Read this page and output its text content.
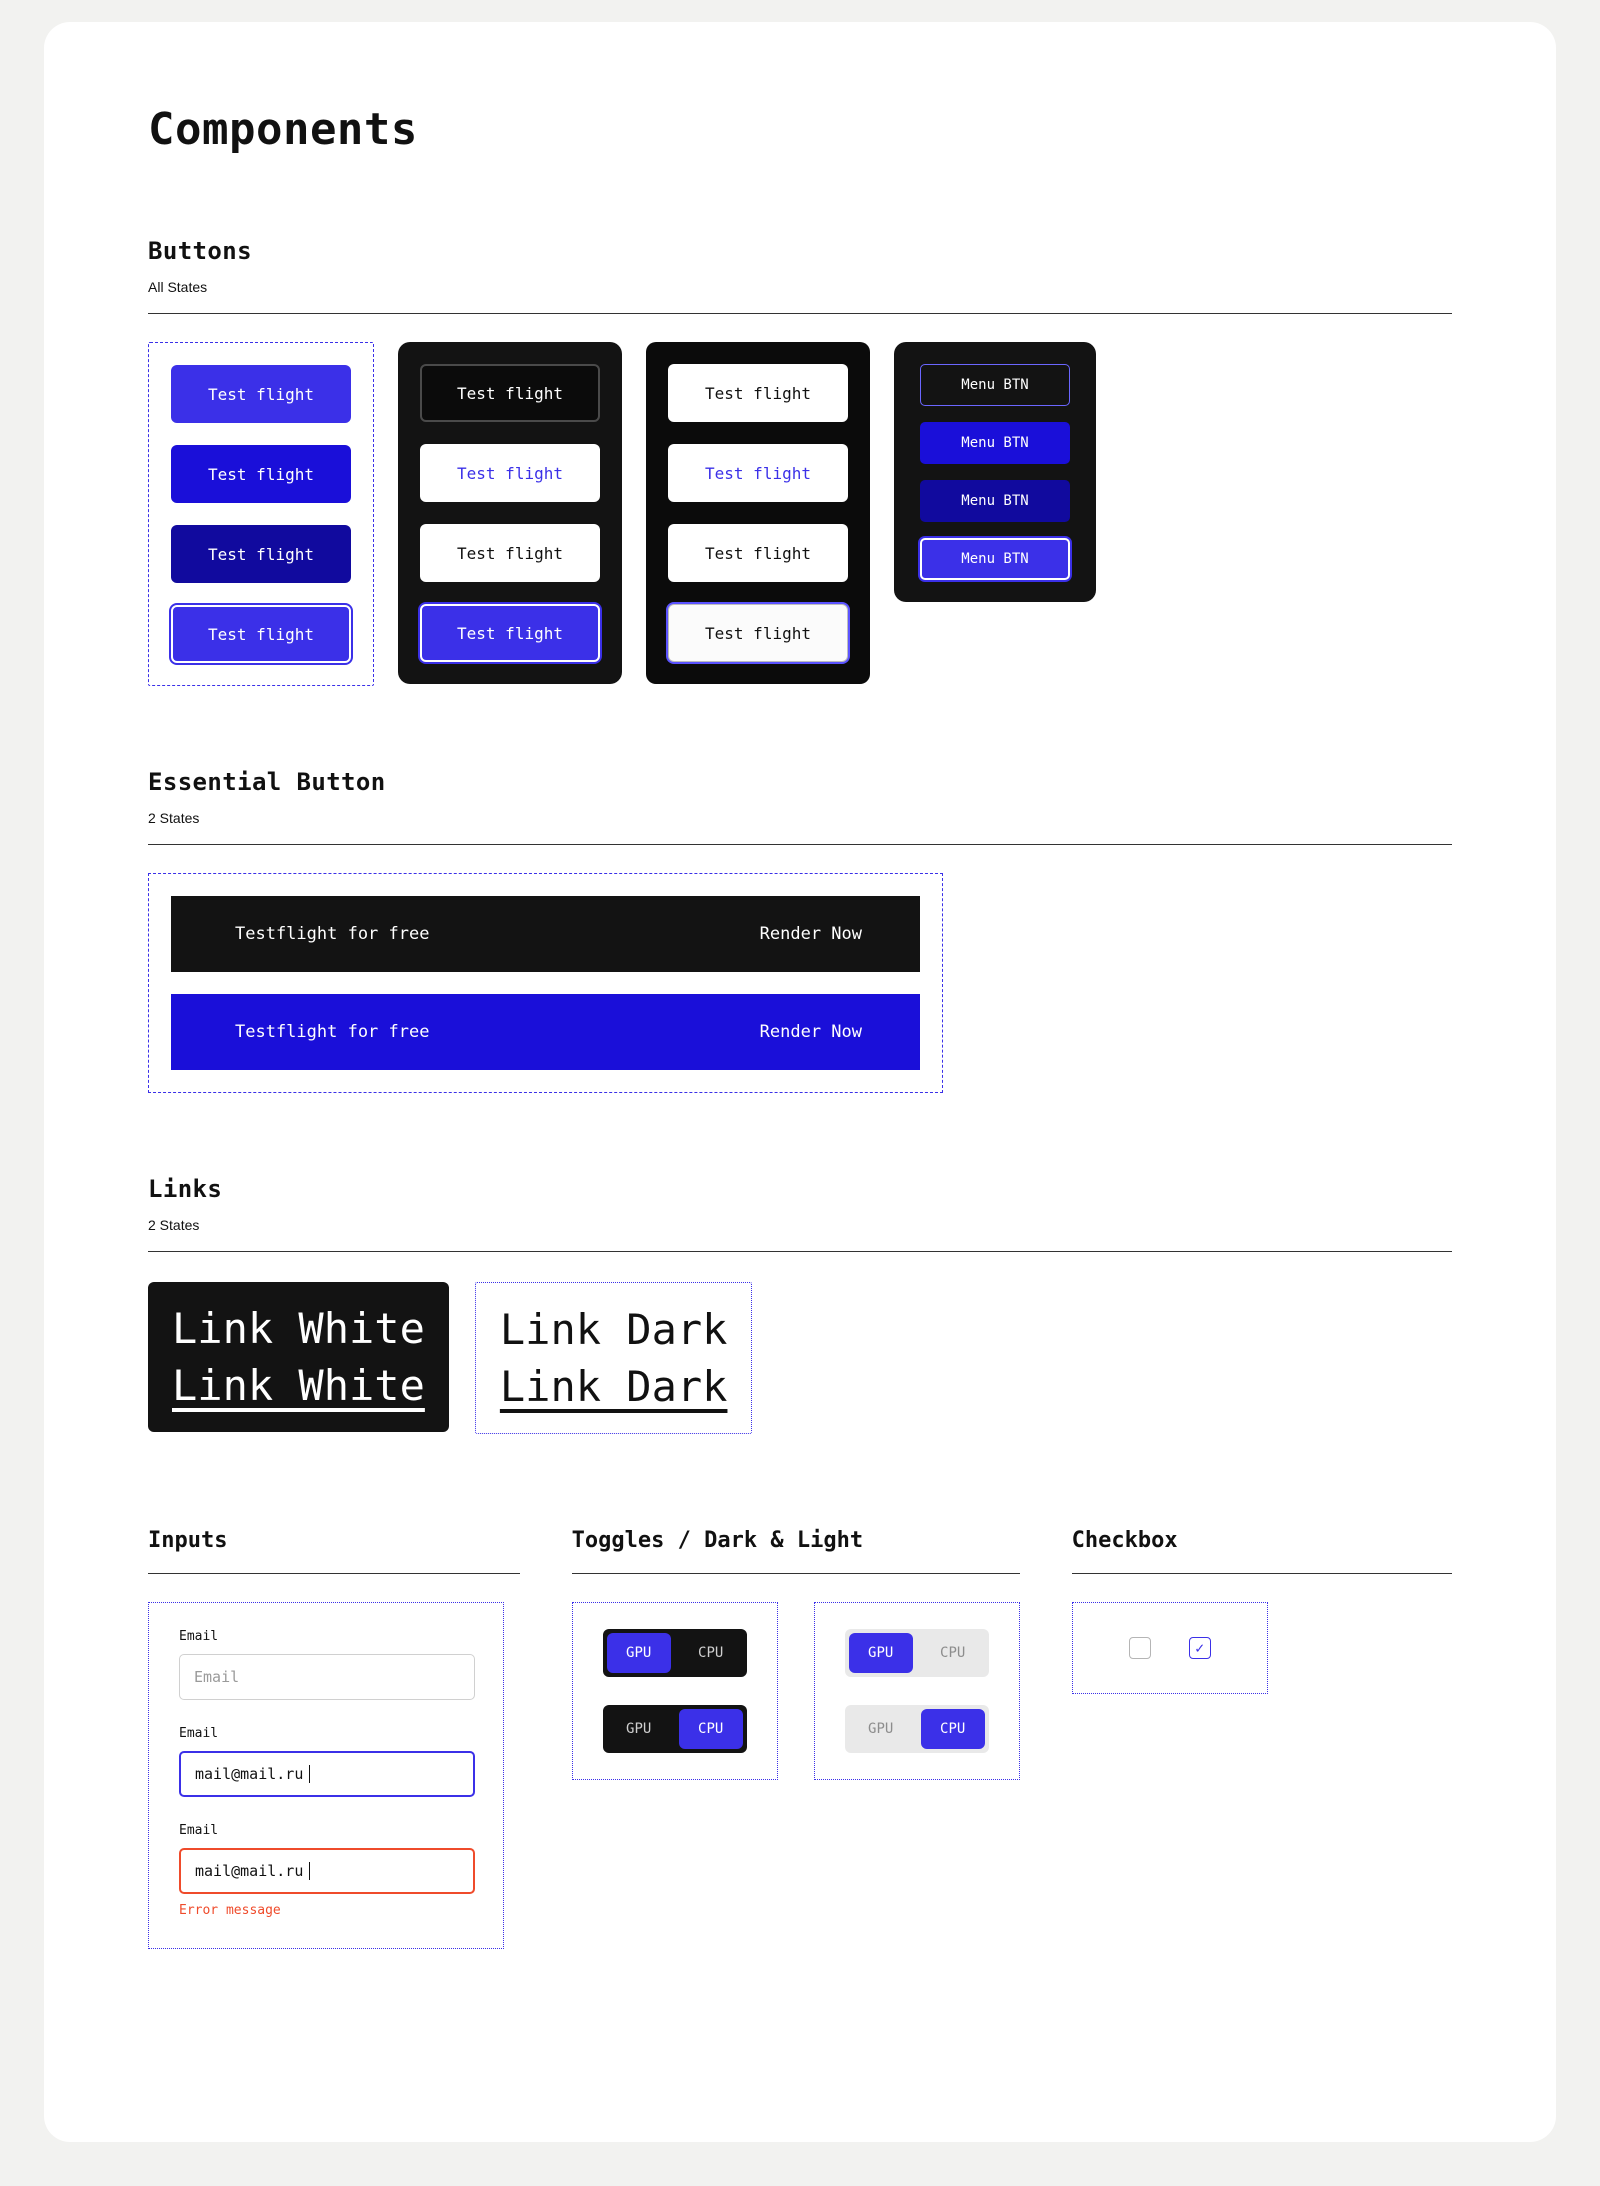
Components
Buttons

All States

Test flight
Test flight
Test flight
Test flight
Test flight
Test flight
Test flight
Test flight
Test flight
Test flight
Test flight
Test flight
Menu BTN
Menu BTN
Menu BTN
Menu BTN
Essential Button

2 States

Testflight for free	Render Now
Testflight for free	Render Now
Links

2 States

Link White
Link White
Link Dark
Link Dark
Inputs
Email
Email
Email
mail@mail.ru
Email
mail@mail.ru
Error message
Toggles / Dark & Light
GPU	CPU
GPU	CPU
GPU	CPU
GPU	CPU
Checkbox
✓
